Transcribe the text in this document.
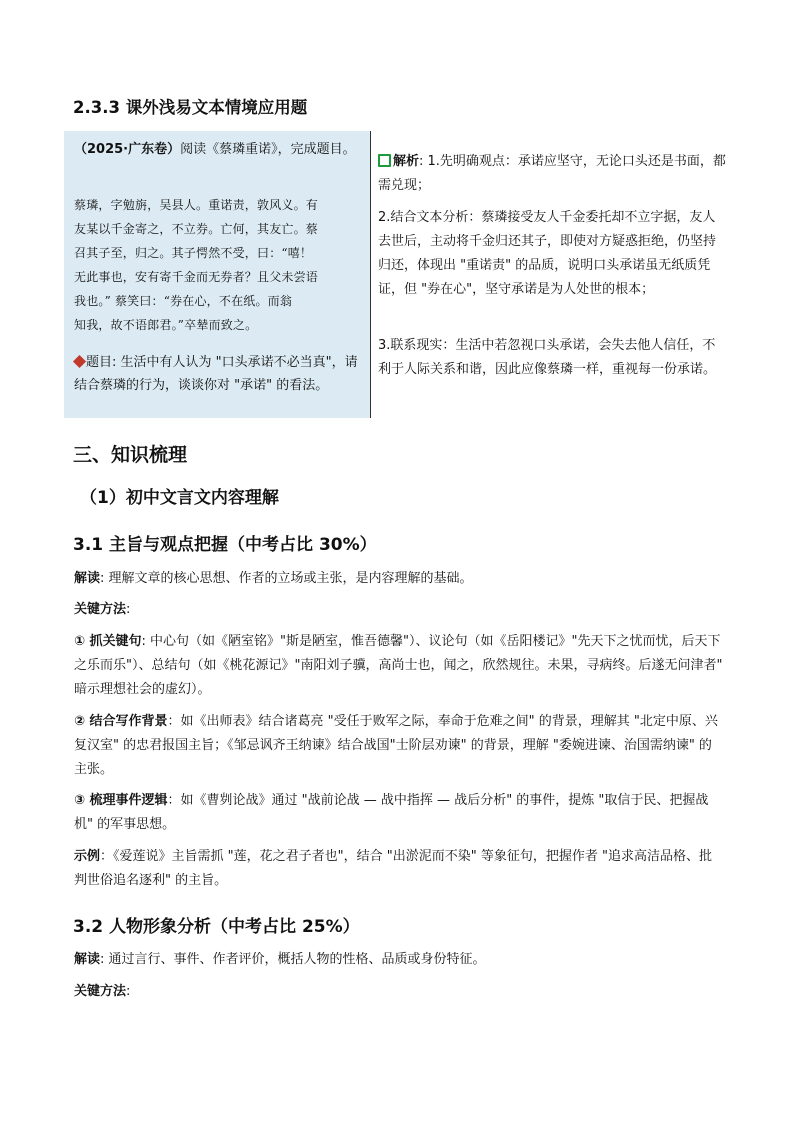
2.3.3 课外浅易文本情境应用题
（2025·广东卷）阅读《蔡璘重诺》，完成题目。
蔡璘，字勉旃，吴县人。重诺责，敦风义。有
友某以千金寄之，不立券。亡何，其友亡。蔡
召其子至，归之。其子愕然不受，曰：“嘻！
无此事也，安有寄千金而无券者？且父未尝语
我也。” 蔡笑曰：“券在心，不在纸。而翁
知我，故不语郎君。”卒辇而致之。
题目: 生活中有人认为 "口头承诺不必当真"，请结合蔡璘的行为，谈谈你对 "承诺" 的看法。
解析: 1.先明确观点：承诺应坚守，无论口头还是书面，都需兑现；
2.结合文本分析：蔡璘接受友人千金委托却不立字据，友人去世后，主动将千金归还其子，即使对方疑惑拒绝，仍坚持归还，体现出 "重诺责" 的品质，说明口头承诺虽无纸质凭证，但 "券在心"，坚守承诺是为人处世的根本；
3.联系现实：生活中若忽视口头承诺，会失去他人信任，不利于人际关系和谐，因此应像蔡璘一样，重视每一份承诺。
三、知识梳理
（1）初中文言文内容理解
3.1 主旨与观点把握（中考占比 30%）
解读: 理解文章的核心思想、作者的立场或主张，是内容理解的基础。
关键方法:
① 抓关键句: 中心句（如《陋室铭》"斯是陋室，惟吾德馨"）、议论句（如《岳阳楼记》"先天下之忧而忧，后天下之乐而乐"）、总结句（如《桃花源记》"南阳刘子骥，高尚士也，闻之，欣然规往。未果，寻病终。后遂无问津者" 暗示理想社会的虚幻）。
② 结合写作背景：如《出师表》结合诸葛亮 "受任于败军之际，奉命于危难之间" 的背景，理解其 "北定中原、兴复汉室" 的忠君报国主旨；《邹忌讽齐王纳谏》结合战国"士阶层劝谏" 的背景，理解 "委婉进谏、治国需纳谏" 的主张。
③ 梳理事件逻辑：如《曹刿论战》通过 "战前论战 — 战中指挥 — 战后分析" 的事件，提炼 "取信于民、把握战机" 的军事思想。
示例：《爱莲说》主旨需抓 "莲，花之君子者也"，结合 "出淤泥而不染" 等象征句，把握作者 "追求高洁品格、批判世俗追名逐利" 的主旨。
3.2 人物形象分析（中考占比 25%）
解读: 通过言行、事件、作者评价，概括人物的性格、品质或身份特征。
关键方法:
